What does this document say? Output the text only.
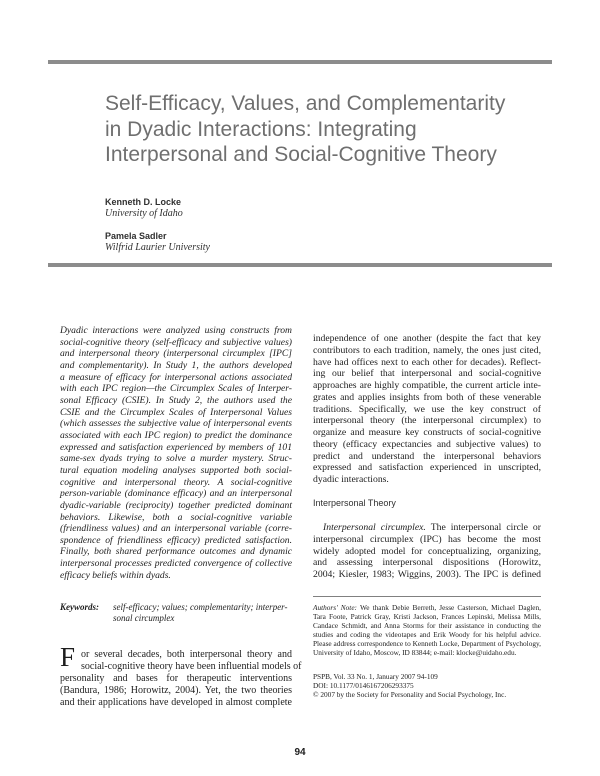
Self-Efficacy, Values, and Complementarity
in Dyadic Interactions: Integrating
Interpersonal and Social-Cognitive Theory
Kenneth D. Locke
University of Idaho
Pamela Sadler
Wilfrid Laurier University
Dyadic interactions were analyzed using constructs from
social-cognitive theory (self-efficacy and subjective values)
and interpersonal theory (interpersonal circumplex [IPC]
and complementarity). In Study 1, the authors developed
a measure of efficacy for interpersonal actions associated
with each IPC region—the Circumplex Scales of Interper-
sonal Efficacy (CSIE). In Study 2, the authors used the
CSIE and the Circumplex Scales of Interpersonal Values
(which assesses the subjective value of interpersonal events
associated with each IPC region) to predict the dominance
expressed and satisfaction experienced by members of 101
same-sex dyads trying to solve a murder mystery. Struc-
tural equation modeling analyses supported both social-
cognitive and interpersonal theory. A social-cognitive
person-variable (dominance efficacy) and an interpersonal
dyadic-variable (reciprocity) together predicted dominant
behaviors. Likewise, both a social-cognitive variable
(friendliness values) and an interpersonal variable (corre-
spondence of friendliness efficacy) predicted satisfaction.
Finally, both shared performance outcomes and dynamic
interpersonal processes predicted convergence of collective
efficacy beliefs within dyads.
Keywords: self-efficacy; values; complementarity; interper-
sonal circumplex
F or several decades, both interpersonal theory and
social-cognitive theory have been influential models of
personality and bases for therapeutic interventions
(Bandura, 1986; Horowitz, 2004). Yet, the two theories
and their applications have developed in almost complete
independence of one another (despite the fact that key
contributors to each tradition, namely, the ones just cited,
have had offices next to each other for decades). Reflect-
ing our belief that interpersonal and social-cognitive
approaches are highly compatible, the current article inte-
grates and applies insights from both of these venerable
traditions. Specifically, we use the key construct of
interpersonal theory (the interpersonal circumplex) to
organize and measure key constructs of social-cognitive
theory (efficacy expectancies and subjective values) to
predict and understand the interpersonal behaviors
expressed and satisfaction experienced in unscripted,
dyadic interactions.
Interpersonal Theory
Interpersonal circumplex. The interpersonal circle or
interpersonal circumplex (IPC) has become the most
widely adopted model for conceptualizing, organizing,
and assessing interpersonal dispositions (Horowitz,
2004; Kiesler, 1983; Wiggins, 2003). The IPC is defined
Authors' Note: We thank Debie Berreth, Jesse Casterson, Michael Daglen, Tara Foote, Patrick Gray, Kristi Jackson, Frances Lepinski, Melissa Mills, Candace Schmidt, and Anna Storms for their assistance in conducting the studies and coding the videotapes and Erik Woody for his helpful advice. Please address correspondence to Kenneth Locke, Department of Psychology, University of Idaho, Moscow, ID 83844; e-mail: klocke@uidaho.edu.
PSPB, Vol. 33 No. 1, January 2007 94-109
DOI: 10.1177/0146167206293375
© 2007 by the Society for Personality and Social Psychology, Inc.
94
